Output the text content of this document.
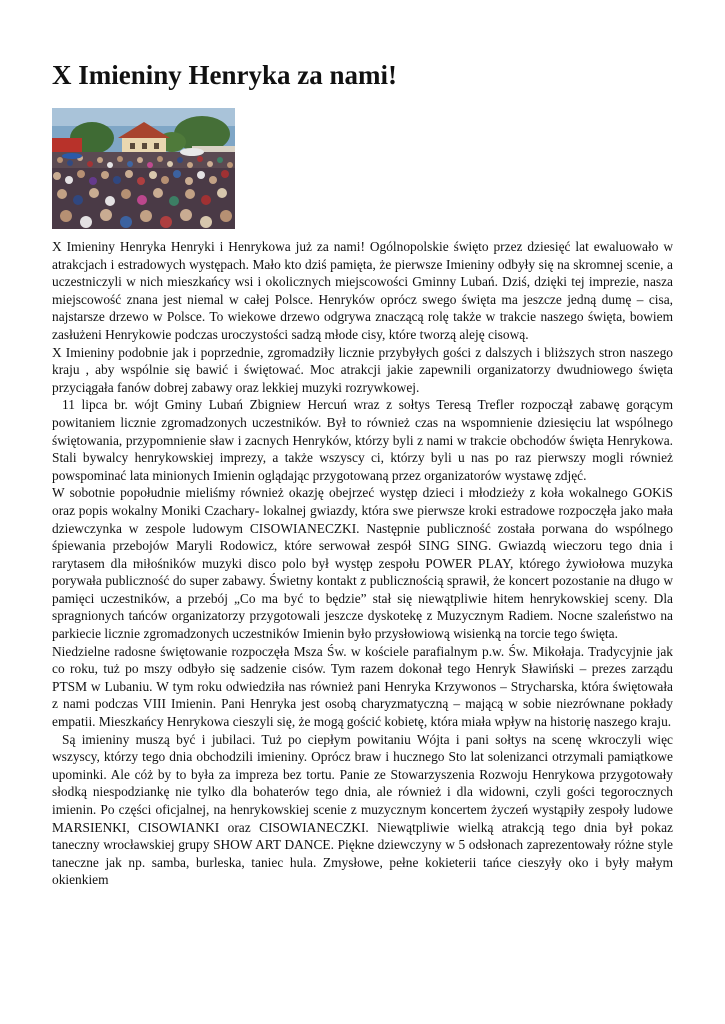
X Imieniny Henryka za nami!

X Imieniny Henryka Henryki i Henrykowa już za nami! Ogólnopolskie święto przez dziesięć lat ewaluowało w atrakcjach i estradowych występach. Mało kto dziś pamięta, że pierwsze Imieniny odbyły się na skromnej scenie, a uczestniczyli w nich mieszkańcy wsi i okolicznych miejscowości Gminny Lubań. Dziś, dzięki tej imprezie, nasza miejscowość znana jest niemal w całej Polsce. Henryków oprócz swego święta ma jeszcze jedną dumę – cisa, najstarsze drzewo w Polsce. To wiekowe drzewo odgrywa znaczącą rolę także w trakcie naszego święta, bowiem zasłużeni Henrykowie podczas uroczystości sadzą młode cisy, które tworzą aleję cisową.

X Imieniny podobnie jak i poprzednie, zgromadziły licznie przybyłych gości z dalszych i bliższych stron naszego kraju , aby wspólnie się bawić i świętować. Moc atrakcji jakie zapewnili organizatorzy dwudniowego święta przyciągała fanów dobrej zabawy oraz lekkiej muzyki rozrywkowej.

11 lipca br. wójt Gminy Lubań Zbigniew Hercuń wraz z sołtys Teresą Trefler rozpoczął zabawę gorącym powitaniem licznie zgromadzonych uczestników. Był to również czas na wspomnienie dziesięciu lat wspólnego świętowania, przypomnienie sław i zacnych Henryków, którzy byli z nami w trakcie obchodów święta Henrykowa. Stali bywalcy henrykowskiej imprezy, a także wszyscy ci, którzy byli u nas po raz pierwszy mogli również powspominać lata minionych Imienin oglądając przygotowaną przez organizatorów wystawę zdjęć.

W sobotnie popołudnie mieliśmy również okazję obejrzeć występ dzieci i młodzieży z koła wokalnego GOKiS oraz popis wokalny Moniki Czachary- lokalnej gwiazdy, która swe pierwsze kroki estradowe rozpoczęła jako mała dziewczynka w zespole ludowym CISOWIANECZKI. Następnie publiczność została porwana do wspólnego śpiewania przebojów Maryli Rodowicz, które serwował zespół SING SING. Gwiazdą wieczoru tego dnia i rarytasem dla miłośników muzyki disco polo był występ zespołu POWER PLAY, którego żywiołowa muzyka porywała publiczność do super zabawy. Świetny kontakt z publicznością sprawił, że koncert pozostanie na długo w pamięci uczestników, a przebój „Co ma być to będzie” stał się niewątpliwie hitem henrykowskiej sceny. Dla spragnionych tańców organizatorzy przygotowali jeszcze dyskotekę z Muzycznym Radiem. Nocne szaleństwo na parkiecie licznie zgromadzonych uczestników Imienin było przysłowiową wisienką na torcie tego święta.

Niedzielne radosne świętowanie rozpoczęła Msza Św. w kościele parafialnym p.w. Św. Mikołaja. Tradycyjnie jak co roku, tuż po mszy odbyło się sadzenie cisów. Tym razem dokonał tego Henryk Sławiński – prezes zarządu PTSM w Lubaniu. W tym roku odwiedziła nas również pani Henryka Krzywonos – Strycharska, która świętowała z nami podczas VIII Imienin. Pani Henryka jest osobą charyzmatyczną – mającą w sobie niezrównane pokłady empatii. Mieszkańcy Henrykowa cieszyli się, że mogą gościć kobietę, która miała wpływ na historię naszego kraju.

Są imieniny muszą być i jubilaci. Tuż po ciepłym powitaniu Wójta i pani sołtys na scenę wkroczyli więc wszyscy, którzy tego dnia obchodzili imieniny. Oprócz braw i hucznego Sto lat solenizanci otrzymali pamiątkowe upominki. Ale cóż by to była za impreza bez tortu. Panie ze Stowarzyszenia Rozwoju Henrykowa przygotowały słodką niespodziankę nie tylko dla bohaterów tego dnia, ale również i dla widowni, czyli gości tegorocznych imienin. Po części oficjalnej, na henrykowskiej scenie z muzycznym koncertem życzeń wystąpiły zespoły ludowe MARSIENKI, CISOWIANKI oraz CISOWIANECZKI. Niewątpliwie wielką atrakcją tego dnia był pokaz taneczny wrocławskiej grupy SHOW ART DANCE. Piękne dziewczyny w 5 odsłonach zaprezentowały różne style taneczne jak np. samba, burleska, taniec hula. Zmysłowe, pełne kokieterii tańce cieszyły oko i były małym okienkiem
